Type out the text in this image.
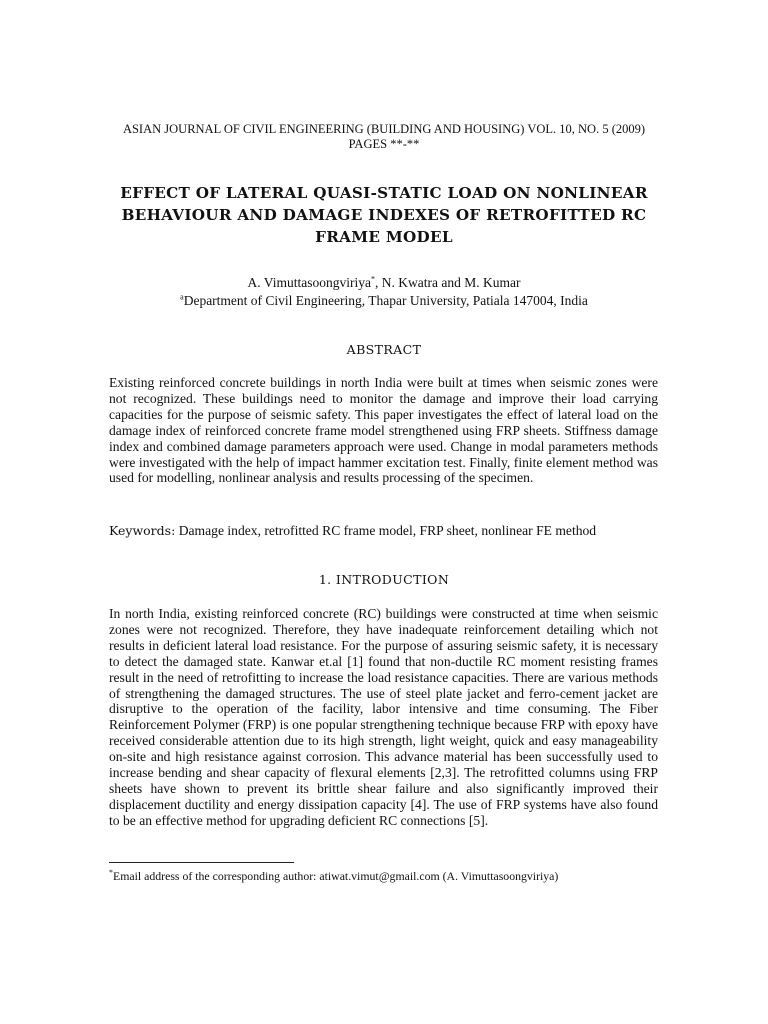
ASIAN JOURNAL OF CIVIL ENGINEERING (BUILDING AND HOUSING) VOL. 10, NO. 5 (2009)
PAGES **-**
EFFECT OF LATERAL QUASI-STATIC LOAD ON NONLINEAR
BEHAVIOUR AND DAMAGE INDEXES OF RETROFITTED RC
FRAME MODEL
A. Vimuttasoongviriya*, N. Kwatra and M. Kumar
$^a$Department of Civil Engineering, Thapar University, Patiala 147004, India
ABSTRACT
Existing reinforced concrete buildings in north India were built at times when seismic zones were not recognized. These buildings need to monitor the damage and improve their load carrying capacities for the purpose of seismic safety. This paper investigates the effect of lateral load on the damage index of reinforced concrete frame model strengthened using FRP sheets. Stiffness damage index and combined damage parameters approach were used. Change in modal parameters methods were investigated with the help of impact hammer excitation test. Finally, finite element method was used for modelling, nonlinear analysis and results processing of the specimen.
Keywords: Damage index, retrofitted RC frame model, FRP sheet, nonlinear FE method
1. INTRODUCTION
In north India, existing reinforced concrete (RC) buildings were constructed at time when seismic zones were not recognized. Therefore, they have inadequate reinforcement detailing which not results in deficient lateral load resistance. For the purpose of assuring seismic safety, it is necessary to detect the damaged state. Kanwar et.al [1] found that non-ductile RC moment resisting frames result in the need of retrofitting to increase the load resistance capacities. There are various methods of strengthening the damaged structures. The use of steel plate jacket and ferro-cement jacket are disruptive to the operation of the facility, labor intensive and time consuming. The Fiber Reinforcement Polymer (FRP) is one popular strengthening technique because FRP with epoxy have received considerable attention due to its high strength, light weight, quick and easy manageability on-site and high resistance against corrosion. This advance material has been successfully used to increase bending and shear capacity of flexural elements [2,3]. The retrofitted columns using FRP sheets have shown to prevent its brittle shear failure and also significantly improved their displacement ductility and energy dissipation capacity [4]. The use of FRP systems have also found to be an effective method for upgrading deficient RC connections [5].
*Email address of the corresponding author: atiwat.vimut@gmail.com (A. Vimuttasoongviriya)
